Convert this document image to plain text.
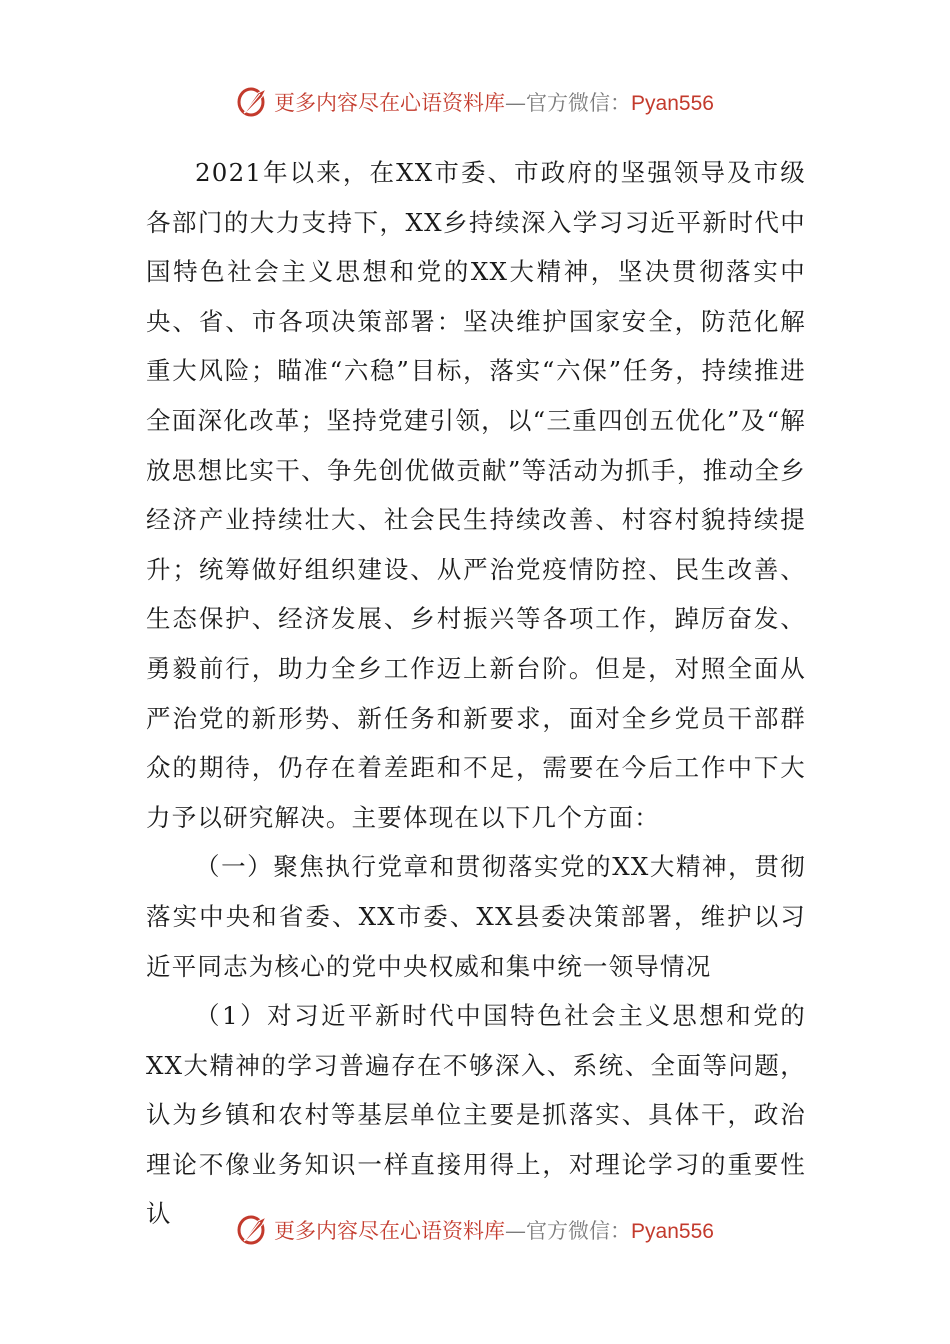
更多内容尽在心语资料库—官方微信：Pyan556

2021年以来，在XX市委、市政府的坚强领导及市级各部门的大力支持下，XX乡持续深入学习习近平新时代中国特色社会主义思想和党的XX大精神，坚决贯彻落实中央、省、市各项决策部署：坚决维护国家安全，防范化解重大风险；瞄准“六稳”目标，落实“六保”任务，持续推进全面深化改革；坚持党建引领，以“三重四创五优化”及“解放思想比实干、争先创优做贡献”等活动为抓手，推动全乡经济产业持续壮大、社会民生持续改善、村容村貌持续提升；统筹做好组织建设、从严治党疫情防控、民生改善、生态保护、经济发展、乡村振兴等各项工作，踔厉奋发、勇毅前行，助力全乡工作迈上新台阶。但是，对照全面从严治党的新形势、新任务和新要求，面对全乡党员干部群众的期待，仍存在着差距和不足，需要在今后工作中下大力予以研究解决。主要体现在以下几个方面：

（一）聚焦执行党章和贯彻落实党的XX大精神，贯彻落实中央和省委、XX市委、XX县委决策部署，维护以习近平同志为核心的党中央权威和集中统一领导情况

（1）对习近平新时代中国特色社会主义思想和党的XX大精神的学习普遍存在不够深入、系统、全面等问题，认为乡镇和农村等基层单位主要是抓落实、具体干，政治理论不像业务知识一样直接用得上，对理论学习的重要性认

更多内容尽在心语资料库—官方微信：Pyan556
